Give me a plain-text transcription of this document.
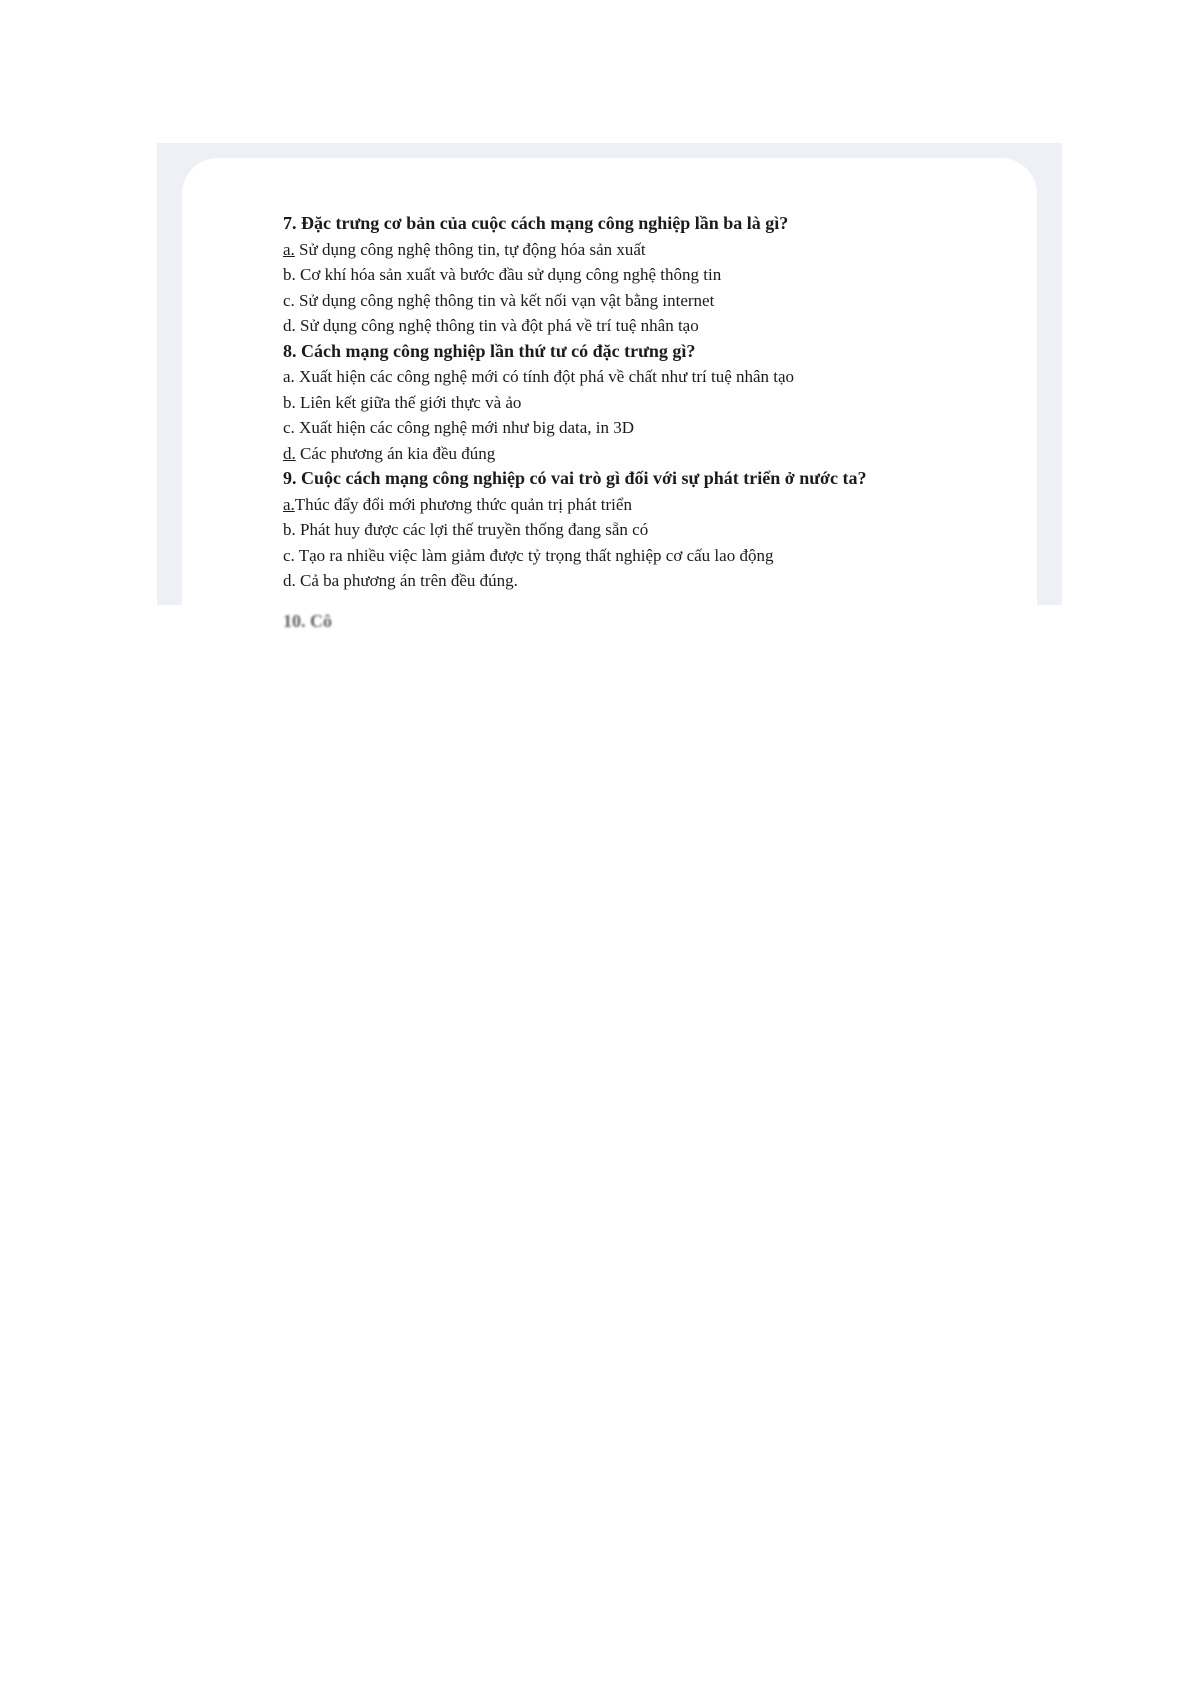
7. Đặc trưng cơ bản của cuộc cách mạng công nghiệp lần ba là gì?
a. Sử dụng công nghệ thông tin, tự động hóa sản xuất
b. Cơ khí hóa sản xuất và bước đầu sử dụng công nghệ thông tin
c. Sử dụng công nghệ thông tin và kết nối vạn vật bằng internet
d. Sử dụng công nghệ thông tin và đột phá về trí tuệ nhân tạo
8. Cách mạng công nghiệp lần thứ tư có đặc trưng gì?
a. Xuất hiện các công nghệ mới có tính đột phá về chất như trí tuệ nhân tạo
b. Liên kết giữa thế giới thực và ảo
c. Xuất hiện các công nghệ mới như big data, in 3D
d. Các phương án kia đều đúng
9. Cuộc cách mạng công nghiệp có vai trò gì đối với sự phát triển ở nước ta?
a.Thúc đẩy đổi mới phương thức quản trị phát triển
b. Phát huy được các lợi thế truyền thống đang sẵn có
c. Tạo ra nhiều việc làm giảm được tỷ trọng thất nghiệp cơ cấu lao động
d. Cả ba phương án trên đều đúng.
10. Cô
